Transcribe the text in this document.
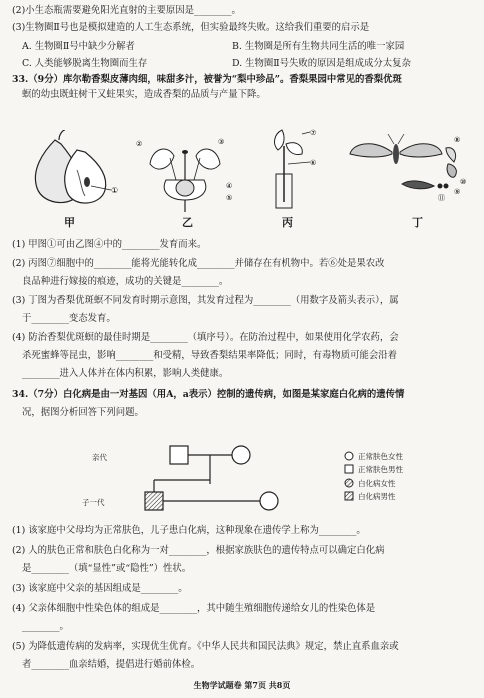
(2)小生态瓶需要避免阳光直射的主要原因是________。
(3)生物圈Ⅱ号也是模拟建造的人工生态系统，但实验最终失败。这给我们重要的启示是
A. 生物圈Ⅱ号中缺少分解者	B. 生物圈是所有生物共同生活的唯一家园
C. 人类能够脱离生物圈而生存	D. 生物圈Ⅱ号失败的原因是组成成分太复杂
33.（9分）库尔勒香梨皮薄肉细，味甜多汁，被誉为“梨中珍品”。香梨果园中常见的香梨优斑
螟的幼虫既蛀树干又蛀果实，造成香梨的品质与产量下降。
①
甲
②	③
④
⑤
乙
⑦
⑥
丙
⑧
⑨
⑩
⑪
丁
(1) 甲图①可由乙图④中的________发育而来。
(2) 丙图⑦细胞中的________能将光能转化成________并储存在有机物中。若⑥处是果农改
良品种进行嫁接的痕迹，成功的关键是________。
(3) 丁图为香梨优斑螟不同发育时期示意图，其发育过程为________（用数字及箭头表示），属
于________变态发育。
(4) 防治香梨优斑螟的最佳时期是________（填序号）。在防治过程中，如果使用化学农药，会
杀死蜜蜂等昆虫，影响________和受精，导致香梨结果率降低；同时，有毒物质可能会沿着
________进入人体并在体内积累，影响人类健康。
34.（7分）白化病是由一对基因（用A，a表示）控制的遗传病，如图是某家庭白化病的遗传情
况，据图分析回答下列问题。
亲代
子一代
正常肤色女性
正常肤色男性
白化病女性
白化病男性
(1) 该家庭中父母均为正常肤色，儿子患白化病，这种现象在遗传学上称为________。
(2) 人的肤色正常和肤色白化称为一对________，根据家族肤色的遗传特点可以确定白化病
是________（填“显性”或“隐性”）性状。
(3) 该家庭中父亲的基因组成是________。
(4) 父亲体细胞中性染色体的组成是________，其中随生殖细胞传递给女儿的性染色体是
________。
(5) 为降低遗传病的发病率，实现优生优育。《中华人民共和国民法典》规定，禁止直系血亲或
者________血亲结婚，提倡进行婚前体检。
生物学试题卷 第7页 共8页
